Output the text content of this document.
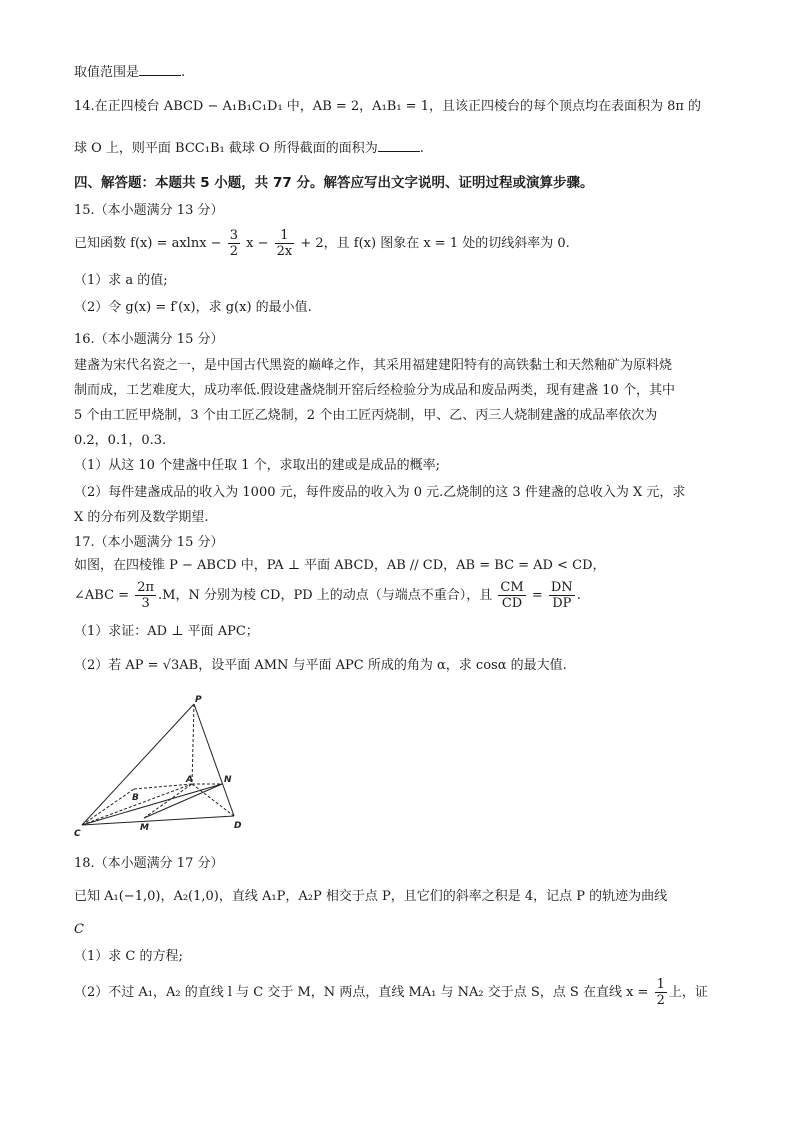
取值范围是	.
14.在正四棱台 ABCD − A₁B₁C₁D₁ 中，AB = 2，A₁B₁ = 1，且该正四棱台的每个顶点均在表面积为 8π 的
球 O 上，则平面 BCC₁B₁ 截球 O 所得截面的面积为	.
四、解答题：本题共 5 小题，共 77 分。解答应写出文字说明、证明过程或演算步骤。
15.（本小题满分 13 分）
已知函数 $f(x) = axlnx - \frac{3}{2}$ $x - \frac{1}{2x} + 2$，且 f(x) 图象在 x = 1 处的切线斜率为 0.
（1）求 a 的值;
（2）令 g(x) = f′(x)，求 g(x) 的最小值.
16.（本小题满分 15 分）
建盏为宋代名瓷之一，是中国古代黑瓷的巅峰之作，其采用福建建阳特有的高铁黏土和天然釉矿为原料烧
制而成，工艺难度大，成功率低.假设建盏烧制开窑后经检验分为成品和废品两类，现有建盏 10 个，其中
5 个由工匠甲烧制，3 个由工匠乙烧制，2 个由工匠丙烧制，甲、乙、丙三人烧制建盏的成品率依次为
0.2，0.1，0.3.
（1）从这 10 个建盏中任取 1 个，求取出的建或是成品的概率;
（2）每件建盏成品的收入为 1000 元，每件废品的收入为 0 元.乙烧制的这 3 件建盏的总收入为 X 元，求
X 的分布列及数学期望.
17.（本小题满分 15 分）
如图，在四棱锥 P − ABCD 中，PA ⊥ 平面 ABCD，AB // CD，AB = BC = AD < CD，
∠ABC = $\frac{2\pi}{3} .M$，N 分别为棱 CD，PD 上的动点（与端点不重合），且 $\frac{CM}{CD} = \frac{DN}{DP}$ .
（1）求证：AD ⊥ 平面 APC；
（2）若 AP = √3AB，设平面 AMN 与平面 APC 所成的角为 α，求 cosα 的最大值.
P
A	N
B
C
M	D
18.（本小题满分 17 分）
已知 A₁(−1,0)，A₂(1,0)，直线 A₁P，A₂P 相交于点 P，且它们的斜率之积是 4，记点 P 的轨迹为曲线
C
（1）求 C 的方程;
（2）不过 A₁，A₂ 的直线 l 与 C 交于 M，N 两点，直线 MA₁ 与 NA₂ 交于点 S，点 S 在直线 $x = \frac{1}{2}$ 上，证
